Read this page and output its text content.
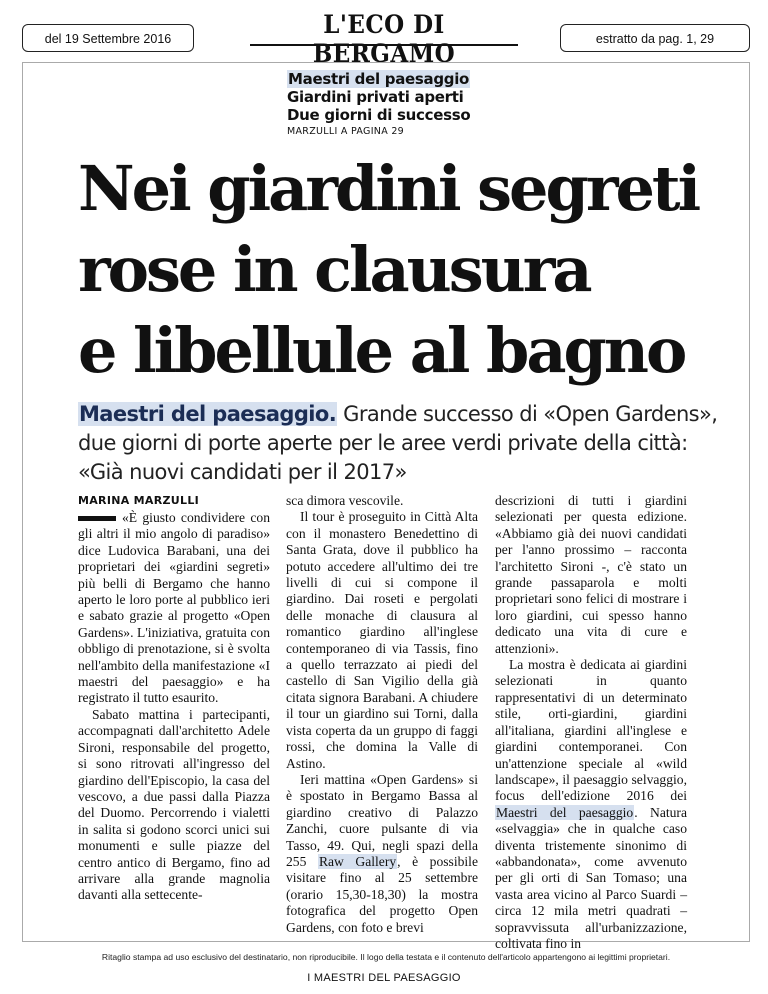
del 19 Settembre 2016	L'ECO DI BERGAMO	estratto da pag. 1, 29
Maestri del paesaggio
Giardini privati aperti
Due giorni di successo
MARZULLI A PAGINA 29
Nei giardini segreti
rose in clausura
e libellule al bagno
Maestri del paesaggio. Grande successo di «Open Gardens», due giorni di porte aperte per le aree verdi private della città: «Già nuovi candidati per il 2017»
MARINA MARZULLI

«È giusto condividere con gli altri il mio angolo di paradiso» dice Ludovica Barabani, una dei proprietari dei «giardini segreti» più belli di Bergamo che hanno aperto le loro porte al pubblico ieri e sabato grazie al progetto «Open Gardens». L'iniziativa, gratuita con obbligo di prenotazione, si è svolta nell'ambito della manifestazione «I maestri del paesaggio» e ha registrato il tutto esaurito.

Sabato mattina i partecipanti, accompagnati dall'architetto Adele Sironi, responsabile del progetto, si sono ritrovati all'ingresso del giardino dell'Episcopio, la casa del vescovo, a due passi dalla Piazza del Duomo. Percorrendo i vialetti in salita si godono scorci unici sui monumenti e sulle piazze del centro antico di Bergamo, fino ad arrivare alla grande magnolia davanti alla settecente-

sca dimora vescovile.

Il tour è proseguito in Città Alta con il monastero Benedettino di Santa Grata, dove il pubblico ha potuto accedere all'ultimo dei tre livelli di cui si compone il giardino. Dai roseti e pergolati delle monache di clausura al romantico giardino all'inglese contemporaneo di via Tassis, fino a quello terrazzato ai piedi del castello di San Vigilio della già citata signora Barabani. A chiudere il tour un giardino sui Torni, dalla vista coperta da un gruppo di faggi rossi, che domina la Valle di Astino.

Ieri mattina «Open Gardens» si è spostato in Bergamo Bassa al giardino creativo di Palazzo Zanchi, cuore pulsante di via Tasso, 49. Qui, negli spazi della 255 Raw Gallery, è possibile visitare fino al 25 settembre (orario 15,30-18,30) la mostra fotografica del progetto Open Gardens, con foto e brevi

descrizioni di tutti i giardini selezionati per questa edizione. «Abbiamo già dei nuovi candidati per l'anno prossimo – racconta l'architetto Sironi -, c'è stato un grande passaparola e molti proprietari sono felici di mostrare i loro giardini, cui spesso hanno dedicato una vita di cure e attenzioni».

La mostra è dedicata ai giardini selezionati in quanto rappresentativi di un determinato stile, orti-giardini, giardini all'italiana, giardini all'inglese e giardini contemporanei. Con un'attenzione speciale al «wild landscape», il paesaggio selvaggio, focus dell'edizione 2016 dei Maestri del paesaggio. Natura «selvaggia» che in qualche caso diventa tristemente sinonimo di «abbandonata», come avvenuto per gli orti di San Tomaso; una vasta area vicino al Parco Suardi – circa 12 mila metri quadrati – sopravvissuta all'urbanizzazione, coltivata fino in

Ritaglio stampa ad uso esclusivo del destinatario, non riproducibile. Il logo della testata e il contenuto dell'articolo appartengono ai legittimi proprietari.
I MAESTRI DEL PAESAGGIO
